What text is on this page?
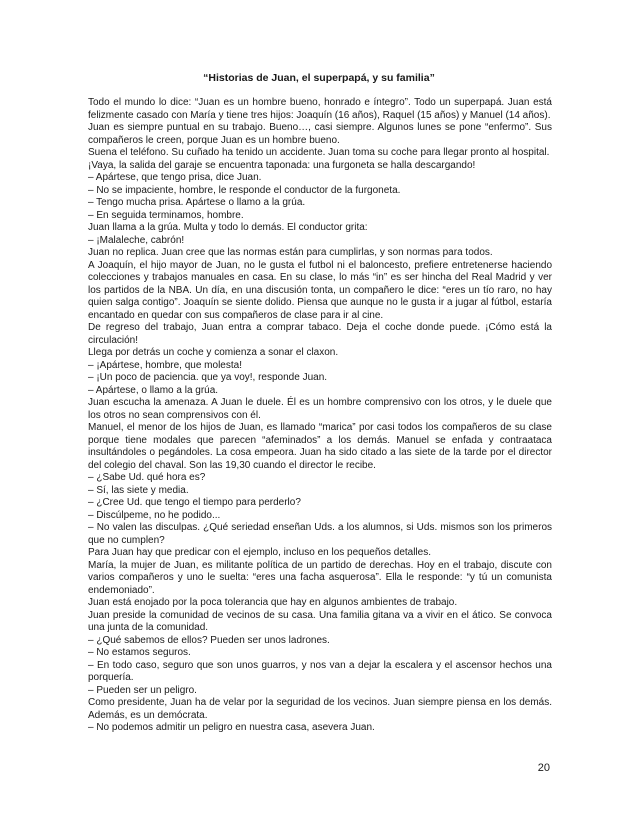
“Historias de Juan, el superpapá, y su familia”

Todo el mundo lo dice: “Juan es un hombre bueno, honrado e íntegro”. Todo un superpapá. Juan está felizmente casado con María y tiene tres hijos: Joaquín (16 años), Raquel (15 años) y Manuel (14 años).

Juan es siempre puntual en su trabajo. Bueno…, casi siempre. Algunos lunes se pone “enfermo”. Sus compañeros le creen, porque Juan es un hombre bueno.

Suena el teléfono. Su cuñado ha tenido un accidente. Juan toma su coche para llegar pronto al hospital.

¡Vaya, la salida del garaje se encuentra taponada: una furgoneta se halla descargando!

– Apártese, que tengo prisa, dice Juan.

– No se impaciente, hombre, le responde el conductor de la furgoneta.

– Tengo mucha prisa. Apártese o llamo a la grúa.

– En seguida terminamos, hombre.

Juan llama a la grúa. Multa y todo lo demás. El conductor grita:

– ¡Malaleche, cabrón!

Juan no replica. Juan cree que las normas están para cumplirlas, y son normas para todos.

A Joaquín, el hijo mayor de Juan, no le gusta el futbol ni el baloncesto, prefiere entretenerse haciendo colecciones y trabajos manuales en casa. En su clase, lo más “in” es ser hincha del Real Madrid y ver los partidos de la NBA. Un día, en una discusión tonta, un compañero le dice: “eres un tío raro, no hay quien salga contigo”. Joaquín se siente dolido. Piensa que aunque no le gusta ir a jugar al fútbol, estaría encantado en quedar con sus compañeros de clase para ir al cine.

De regreso del trabajo, Juan entra a comprar tabaco. Deja el coche donde puede. ¡Cómo está la circulación!

Llega por detrás un coche y comienza a sonar el claxon.

– ¡Apártese, hombre, que molesta!

– ¡Un poco de paciencia. que ya voy!, responde Juan.

– Apártese, o llamo a la grúa.

Juan escucha la amenaza. A Juan le duele. Él es un hombre comprensivo con los otros, y le duele que los otros no sean comprensivos con él.

Manuel, el menor de los hijos de Juan, es llamado “marica” por casi todos los compañeros de su clase porque tiene modales que parecen “afeminados” a los demás. Manuel se enfada y contraataca insultándoles o pegándoles. La cosa empeora. Juan ha sido citado a las siete de la tarde por el director del colegio del chaval. Son las 19,30 cuando el director le recibe.

– ¿Sabe Ud. qué hora es?

– Sí, las siete y media.

– ¿Cree Ud. que tengo el tiempo para perderlo?

– Discúlpeme, no he podido...

– No valen las disculpas. ¿Qué seriedad enseñan Uds. a los alumnos, si Uds. mismos son los primeros que no cumplen?

Para Juan hay que predicar con el ejemplo, incluso en los pequeños detalles.

María, la mujer de Juan, es militante política de un partido de derechas. Hoy en el trabajo, discute con varios compañeros y uno le suelta: “eres una facha asquerosa”. Ella le responde: “y tú un comunista endemoniado”.

Juan está enojado por la poca tolerancia que hay en algunos ambientes de trabajo.

Juan preside la comunidad de vecinos de su casa. Una familia gitana va a vivir en el ático. Se convoca una junta de la comunidad.

– ¿Qué sabemos de ellos? Pueden ser unos ladrones.

– No estamos seguros.

– En todo caso, seguro que son unos guarros, y nos van a dejar la escalera y el ascensor hechos una porquería.

– Pueden ser un peligro.

Como presidente, Juan ha de velar por la seguridad de los vecinos. Juan siempre piensa en los demás. Además, es un demócrata.

– No podemos admitir un peligro en nuestra casa, asevera Juan.

20
